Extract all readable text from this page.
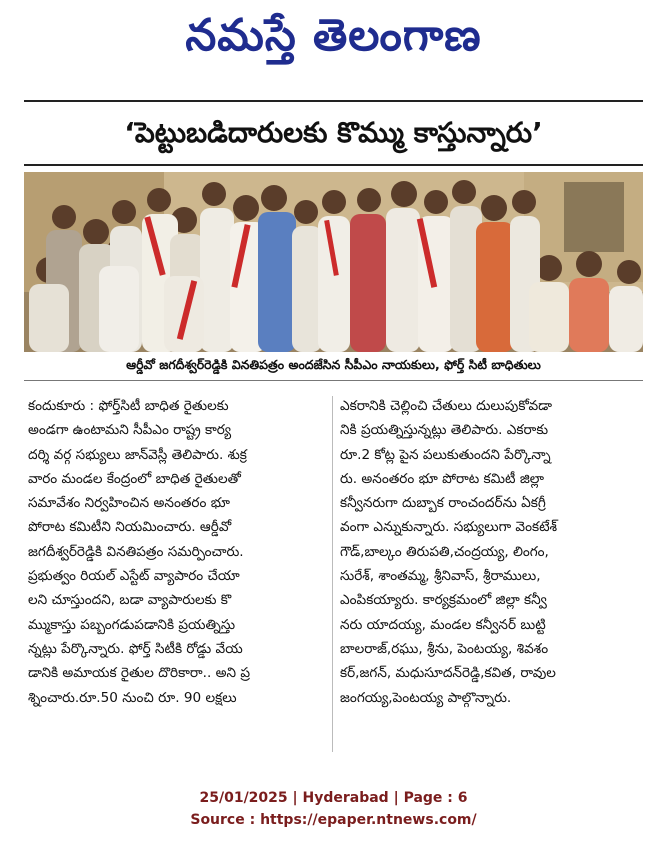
నమస్తే తెలంగాణ
‘పెట్టుబడిదారులకు కొమ్ము కాస్తున్నారు’
ఆర్డీవో జగదీశ్వర్‌రెడ్డికి వినతిపత్రం అందజేసిన సీపీఎం నాయకులు, ఫోర్త్ సిటీ బాధితులు
కందుకూరు : ఫోర్త్‌సిటీ బాధిత రైతులకు
అండగా ఉంటామని సీపీఎం రాష్ట్ర కార్య
దర్శి వర్గ సభ్యులు జాన్‌వెస్లీ తెలిపారు. శుక్ర
వారం మండల కేంద్రంలో బాధిత రైతులతో
సమావేశం నిర్వహించిన అనంతరం భూ
పోరాట కమిటీని నియమించారు. ఆర్డీవో
జగదీశ్వర్‌రెడ్డికి వినతిపత్రం సమర్పించారు.
ప్రభుత్వం రియల్ ఎస్టేట్ వ్యాపారం చేయా
లని చూస్తుందని, బడా వ్యాపారులకు కొ
మ్ముకాస్తు పబ్బంగడుపడానికి ప్రయత్నిస్తు
న్నట్లు పేర్కొన్నారు. ఫోర్త్ సిటీకి రోడ్డు వేయ
డానికి అమాయక రైతుల దొరికారా.. అని ప్ర
శ్నించారు.రూ.50 నుంచి రూ. 90 లక్షలు
ఎకరానికి చెల్లించి చేతులు దులుపుకోవడా
నికి ప్రయత్నిస్తున్నట్లు తెలిపారు. ఎకరాకు
రూ.2 కోట్ల పైన పలుకుతుందని పేర్కొన్నా
రు. అనంతరం భూ పోరాట కమిటీ జిల్లా
కన్వీనరుగా దుబ్బాక రాంచందర్‌ను ఏకగ్రీ
వంగా ఎన్నుకున్నారు. సభ్యులుగా వెంకటేశ్
గౌడ్,బాల్కం తిరుపతి,చంద్రయ్య, లింగం,
సురేశ్, శాంతమ్మ, శ్రీనివాస్, శ్రీరాములు,
ఎంపికయ్యారు. కార్యక్రమంలో జిల్లా కన్వీ
నరు యాదయ్య, మండల కన్వీనర్ బుట్టి
బాలరాజ్,రఘు, శ్రీను, పెంటయ్య, శివశం
కర్,జగన్, మధుసూదన్‌రెడ్డి,కవిత, రావుల
జంగయ్య,పెంటయ్య పాల్గొన్నారు.
25/01/2025 | Hyderabad | Page : 6
Source : https://epaper.ntnews.com/
